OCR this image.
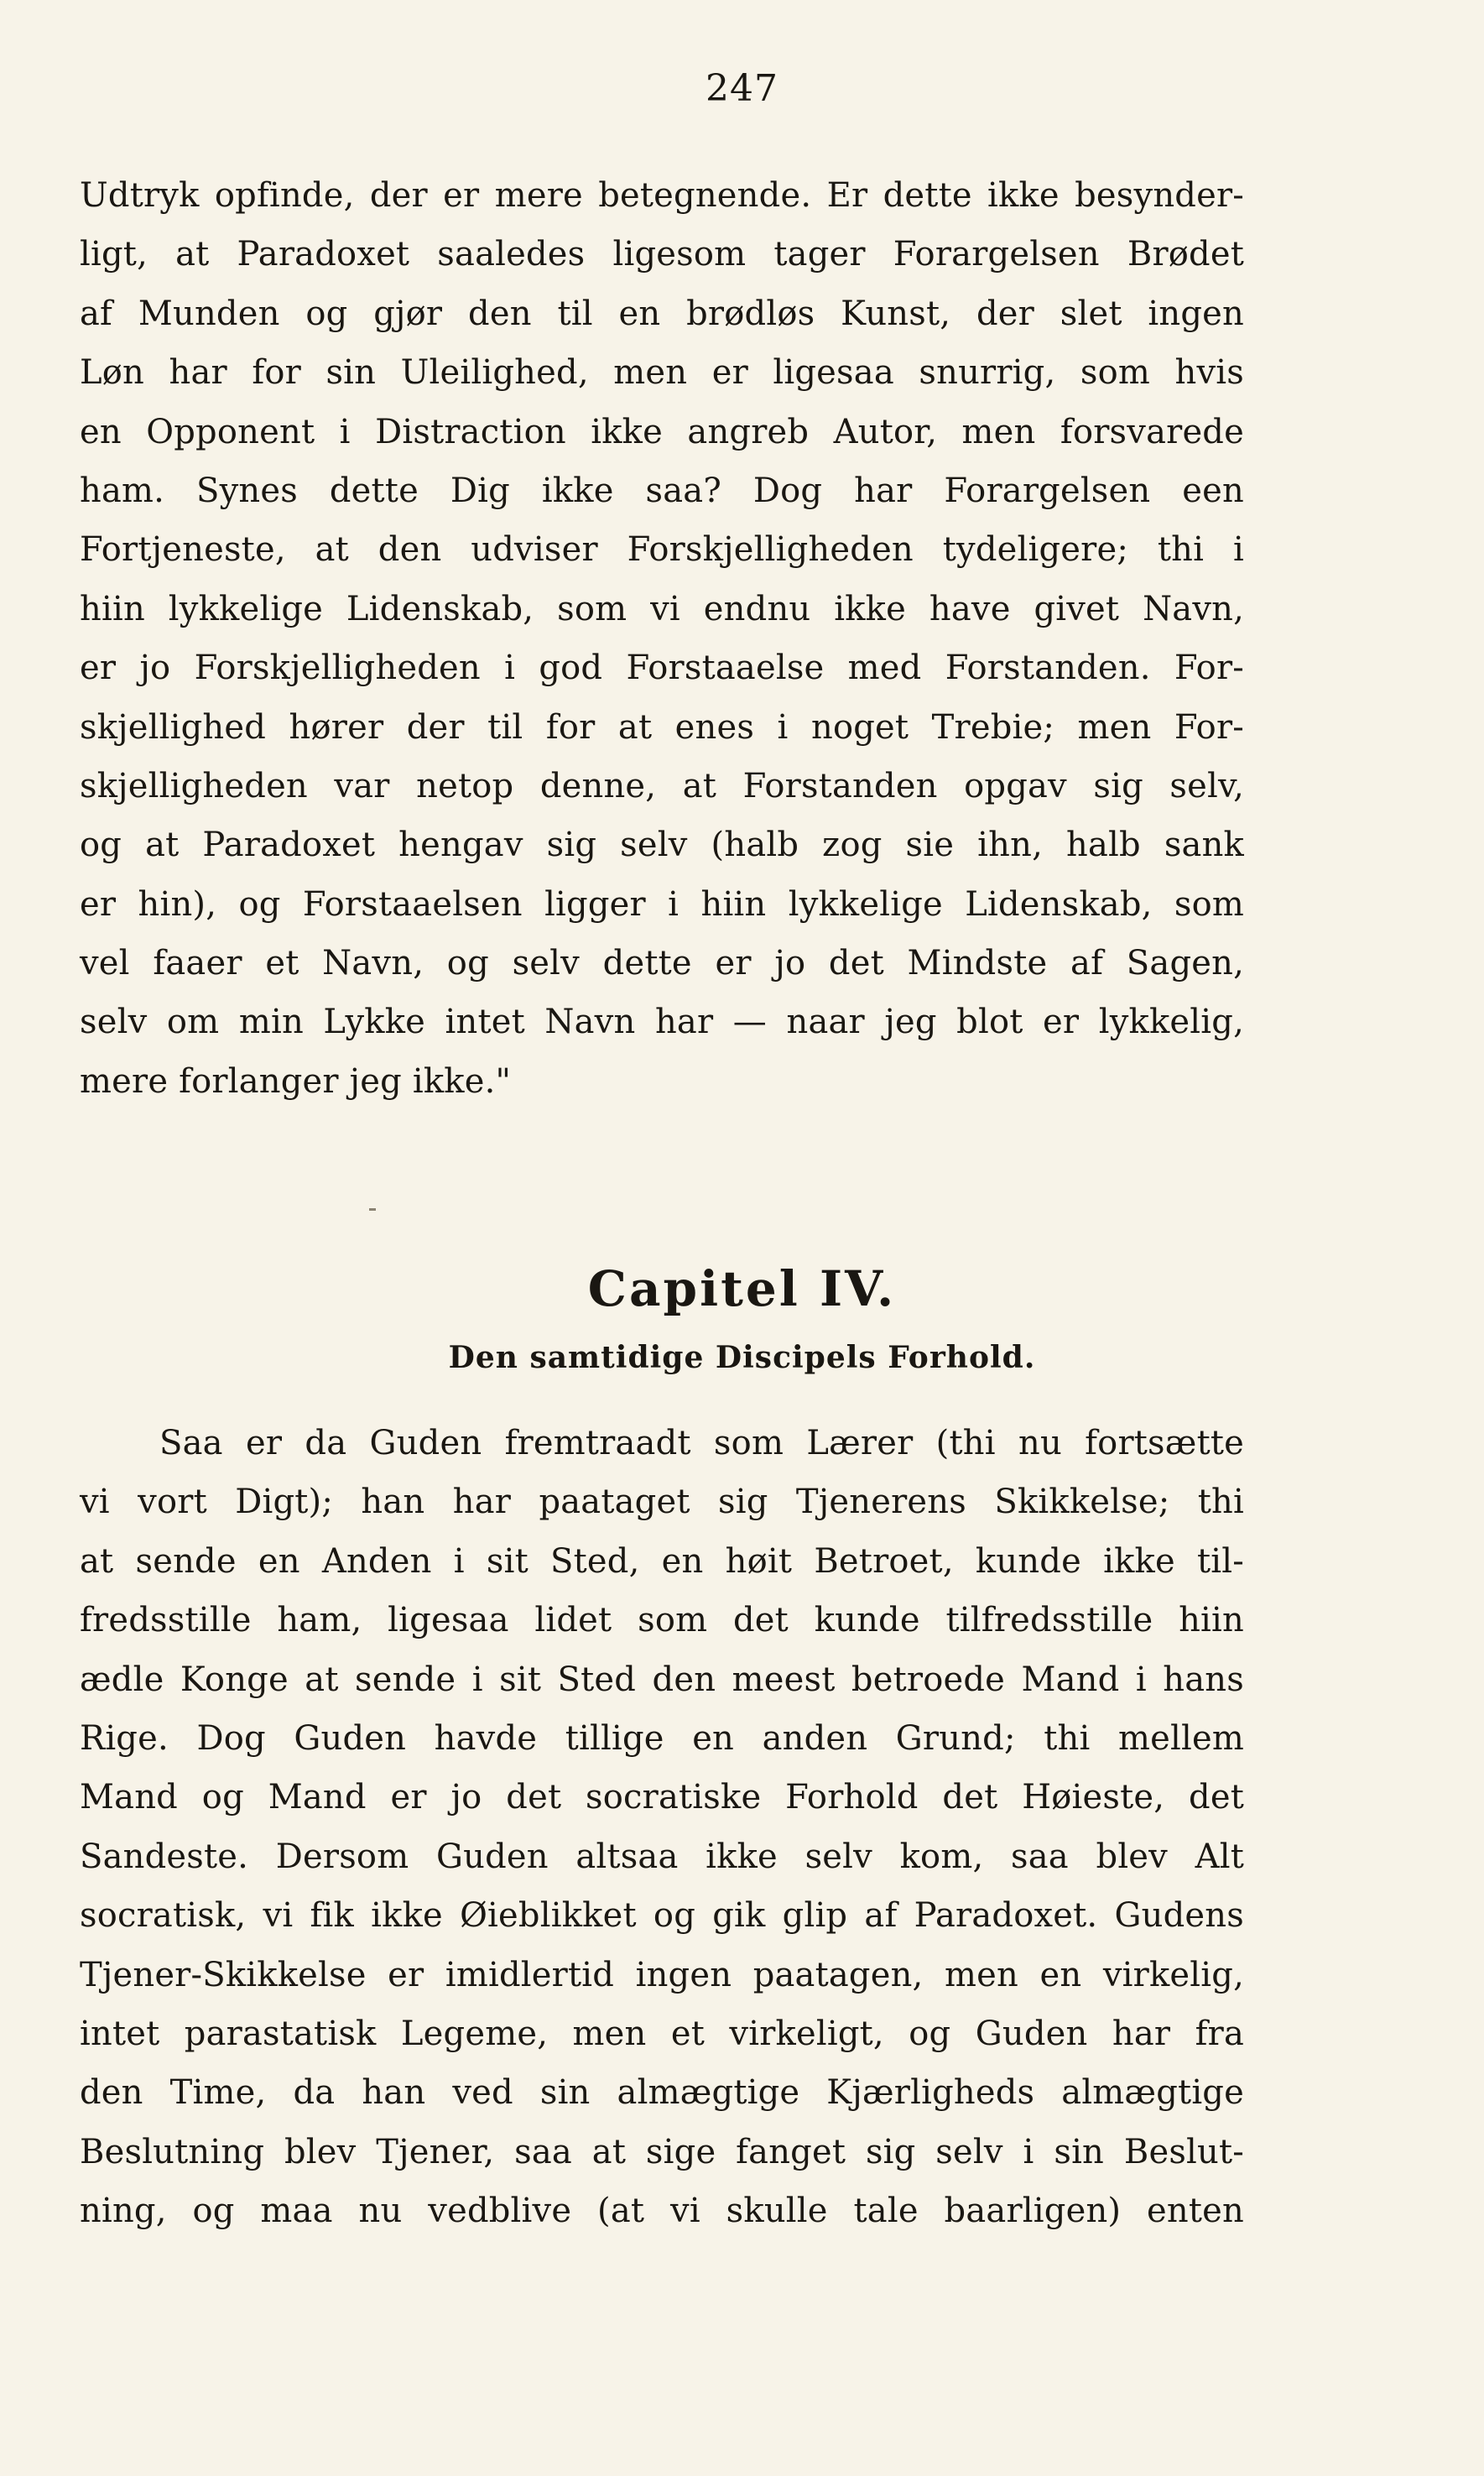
247
Udtryk opfinde, der er mere betegnende. Er dette ikke besynder-
ligt, at Paradoxet saaledes ligesom tager Forargelsen Brødet
af Munden og gjør den til en brødløs Kunst, der slet ingen
Løn har for sin Uleilighed, men er ligesaa snurrig, som hvis
en Opponent i Distraction ikke angreb Autor, men forsvarede
ham. Synes dette Dig ikke saa? Dog har Forargelsen een
Fortjeneste, at den udviser Forskjelligheden tydeligere; thi i
hiin lykkelige Lidenskab, som vi endnu ikke have givet Navn,
er jo Forskjelligheden i god Forstaaelse med Forstanden. For-
skjellighed hører der til for at enes i noget Trebie; men For-
skjelligheden var netop denne, at Forstanden opgav sig selv,
og at Paradoxet hengav sig selv (halb zog sie ihn, halb sank
er hin), og Forstaaelsen ligger i hiin lykkelige Lidenskab, som
vel faaer et Navn, og selv dette er jo det Mindste af Sagen,
selv om min Lykke intet Navn har — naar jeg blot er lykkelig,
mere forlanger jeg ikke."
Capitel IV.
Den samtidige Discipels Forhold.
Saa er da Guden fremtraadt som Lærer (thi nu fortsætte
vi vort Digt); han har paataget sig Tjenerens Skikkelse; thi
at sende en Anden i sit Sted, en høit Betroet, kunde ikke til-
fredsstille ham, ligesaa lidet som det kunde tilfredsstille hiin
ædle Konge at sende i sit Sted den meest betroede Mand i hans
Rige. Dog Guden havde tillige en anden Grund; thi mellem
Mand og Mand er jo det socratiske Forhold det Høieste, det
Sandeste. Dersom Guden altsaa ikke selv kom, saa blev Alt
socratisk, vi fik ikke Øieblikket og gik glip af Paradoxet. Gudens
Tjener-Skikkelse er imidlertid ingen paatagen, men en virkelig,
intet parastatisk Legeme, men et virkeligt, og Guden har fra
den Time, da han ved sin almægtige Kjærligheds almægtige
Beslutning blev Tjener, saa at sige fanget sig selv i sin Beslut-
ning, og maa nu vedblive (at vi skulle tale baarligen) enten
